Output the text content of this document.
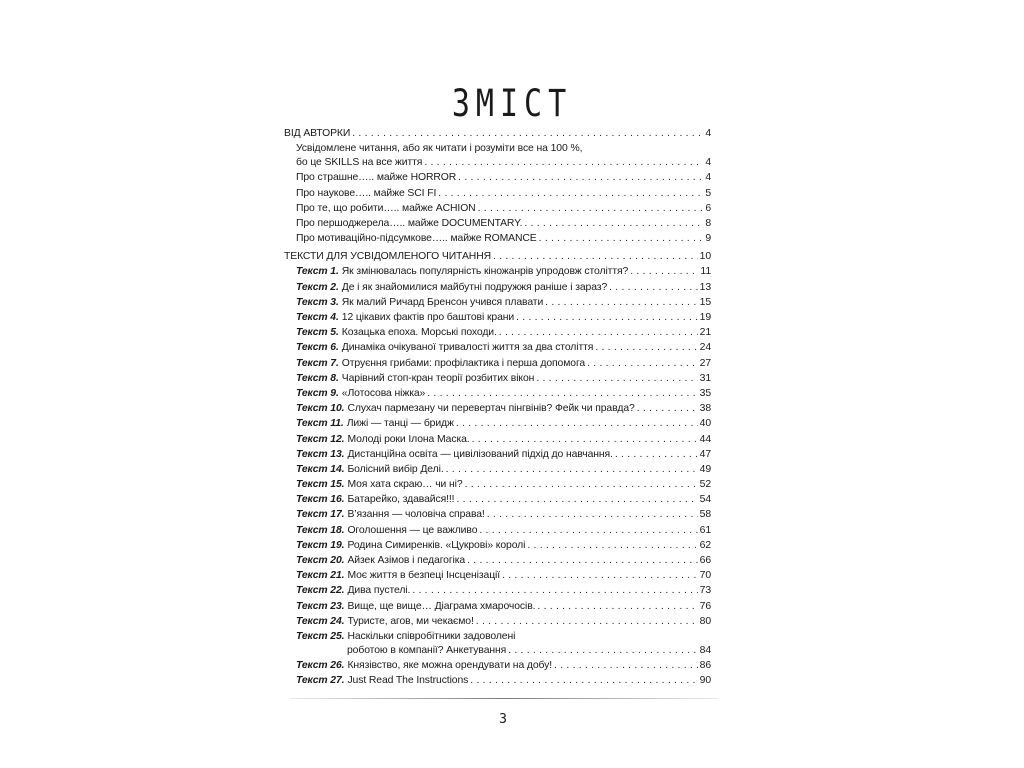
ЗМІСТ
ВІД АВТОРКИ . . .	4
Усвідомлене читання, або як читати і розуміти все на 100 %,
бо це SKILLS на все життя . . .	4
Про страшне….. майже HORROR . . .	4
Про наукове….. майже SCI FI . . .	5
Про те, що робити….. майже ACHION . . .	6
Про першоджерела….. майже DOCUMENTARY. . . .	8
Про мотиваційно-підсумкове….. майже ROMANCE . . .	9
ТЕКСТИ ДЛЯ УСВІДОМЛЕНОГО ЧИТАННЯ . . .	10
Текст 1. Як змінювалась популярність кіножанрів упродовж століття? . . .	11
Текст 2. Де і як знайомилися майбутні подружжя раніше і зараз? . . .	13
Текст 3. Як малий Ричард Бренсон учився плавати . . .	15
Текст 4. 12 цікавих фактів про баштові крани . . .	19
Текст 5. Козацька епоха. Морські походи. . . .	21
Текст 6. Динаміка очікуваної тривалості життя за два століття . . .	24
Текст 7. Отруєння грибами: профілактика і перша допомога . . .	27
Текст 8. Чарівний стоп-кран теорії розбитих вікон . . .	31
Текст 9. «Лотосова ніжка» . . .	35
Текст 10. Слухач пармезану чи перевертач пінгвінів? Фейк чи правда? . . .	38
Текст 11. Лижі — танці — бридж . . .	40
Текст 12. Молоді роки Ілона Маска. . . .	44
Текст 13. Дистанційна освіта — цивілізований підхід до навчання. . . .	47
Текст 14. Болісний вибір Делі. . . .	49
Текст 15. Моя хата скраю… чи ні? . . .	52
Текст 16. Батарейко, здавайся!!! . . .	54
Текст 17. В’язання — чоловіча справа! . . .	58
Текст 18. Оголошення — це важливо . . .	61
Текст 19. Родина Симиренків. «Цукрові» королі . . .	62
Текст 20. Айзек Азімов і педагогіка . . .	66
Текст 21. Моє життя в безпеці Інсценізації . . .	70
Текст 22. Дива пустелі. . . .	73
Текст 23. Вище, ще вище… Діаграма хмарочосів. . . .	76
Текст 24. Туристе, агов, ми чекаємо! . . .	80
Текст 25. Наскільки співробітники задоволені
роботою в компанії? Анкетування . . .	84
Текст 26. Князівство, яке можна орендувати на добу! . . .	86
Текст 27. Just Read The Instructions . . .	90
3
